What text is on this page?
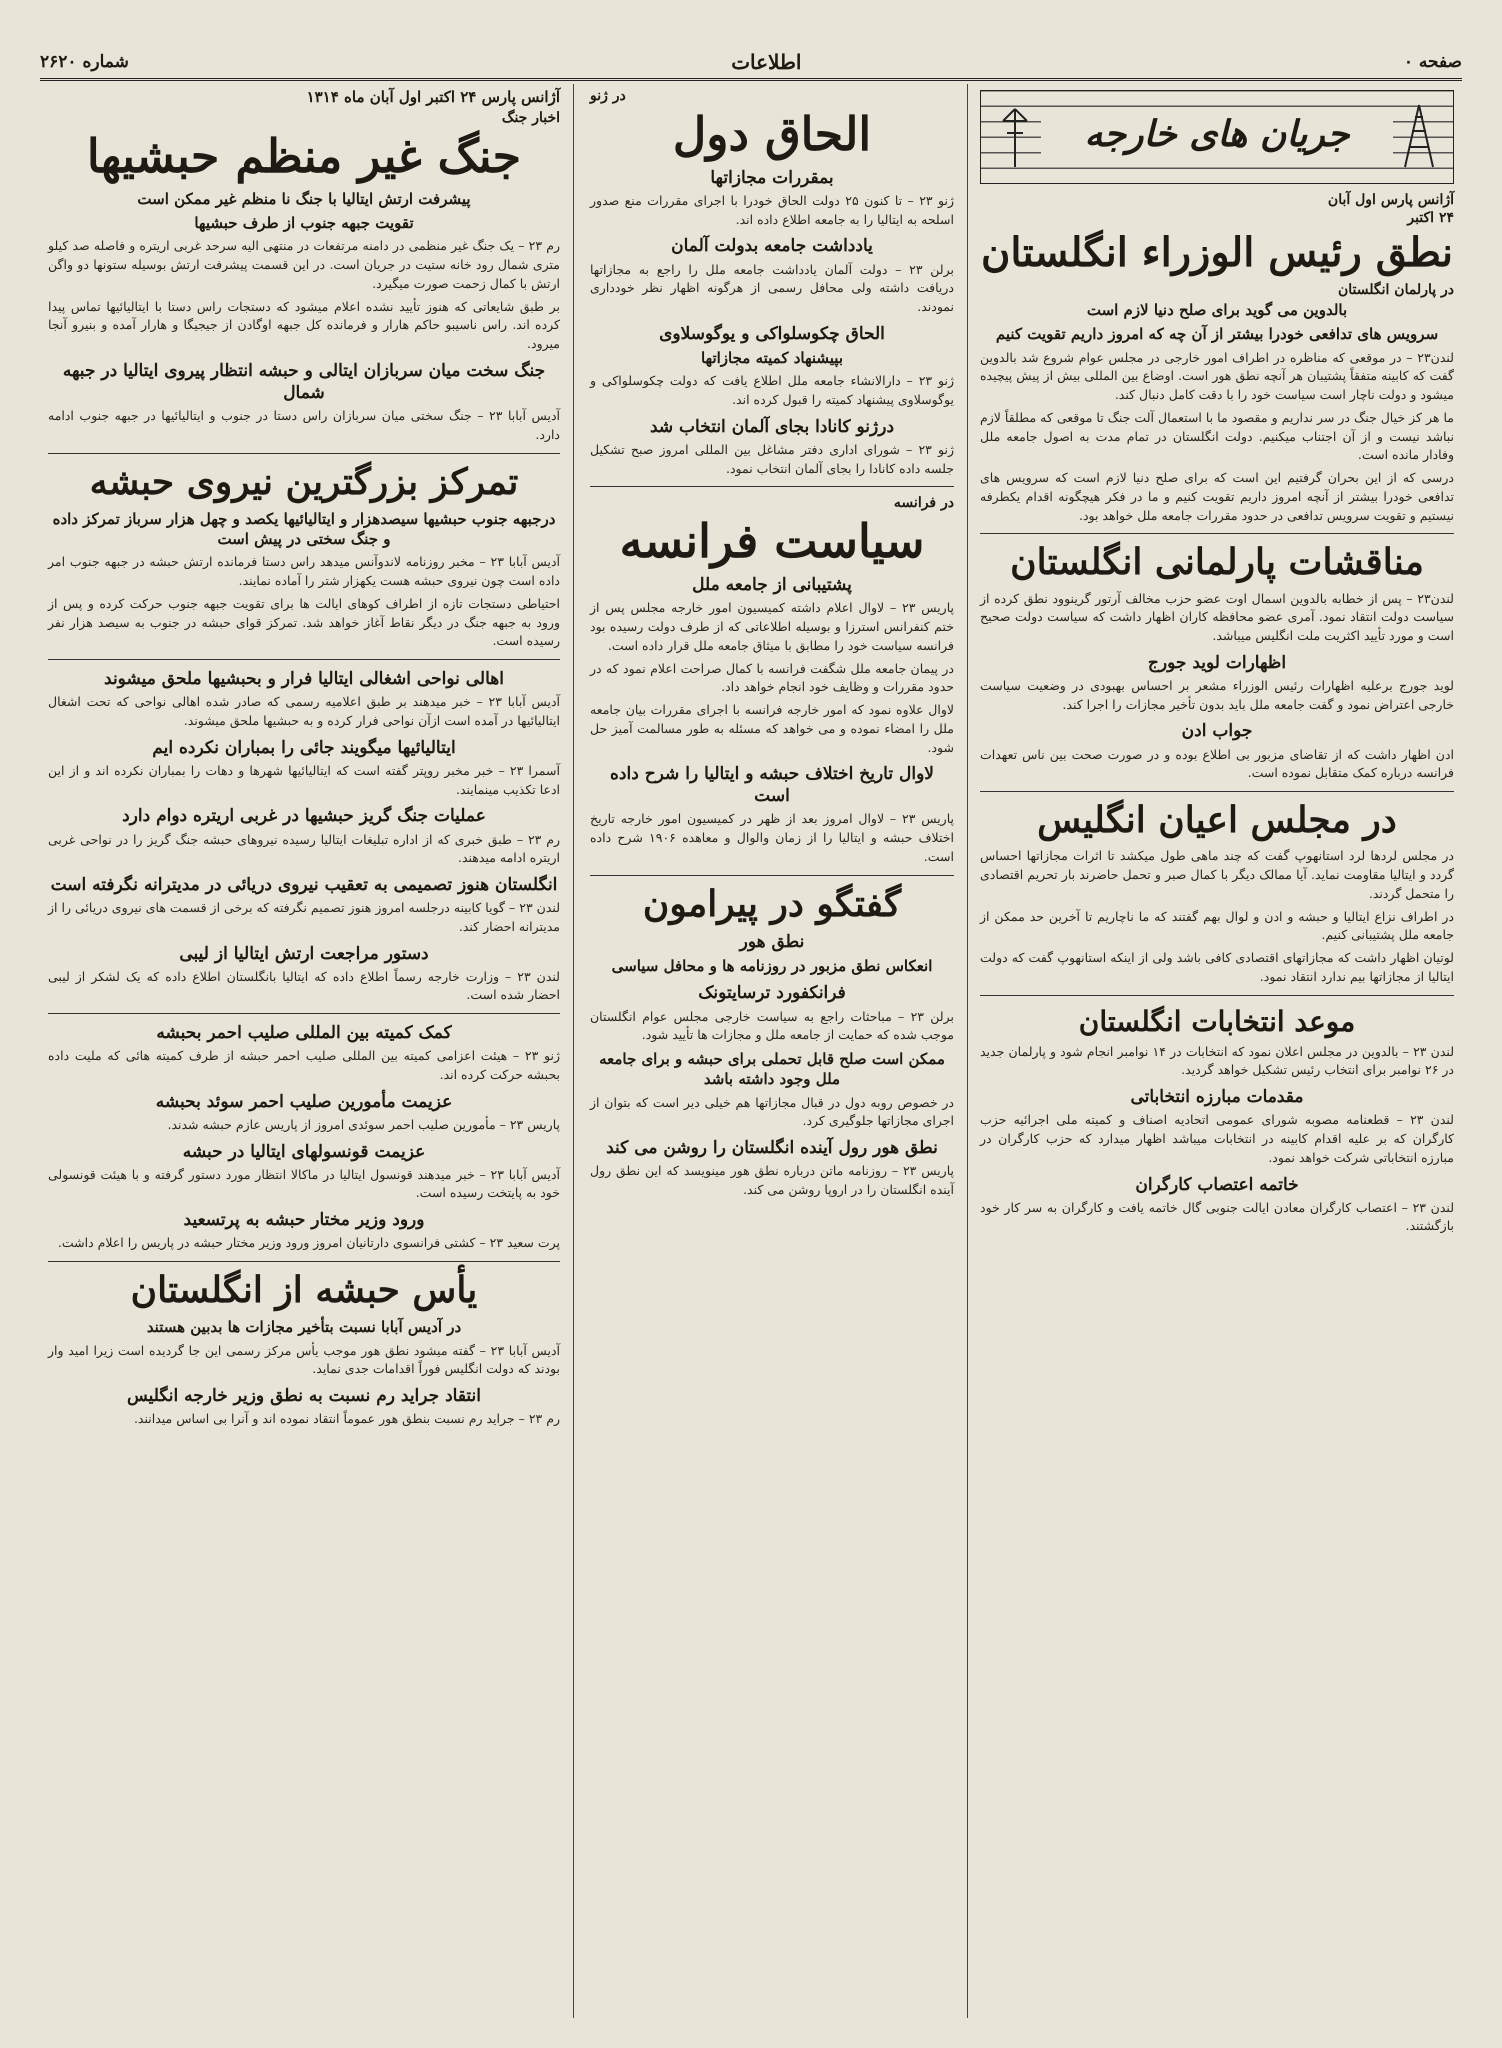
صفحه ۰
اطلاعات
شماره ۲۶۲۰
جریان های خارجه
آژانس پارس اول آبان
۲۴ اکتبر
نطق رئیس الوزراء انگلستان
در پارلمان انگلستان
بالدوین می گوید برای صلح دنیا لازم است
سرویس های تدافعی خودرا بیشتر از آن چه که امروز داریم تقویت کنیم

لندن۲۳ – در موقعی که مناظره در اطراف امور خارجی در مجلس عوام شروع شد بالدوین گفت که کابینه متفقاً پشتیبان هر آنچه نطق هور است. اوضاع بین المللی بیش از پیش پیچیده میشود و دولت ناچار است سیاست خود را با دقت کامل دنبال کند.

ما هر کز خیال جنگ در سر نداریم و مقصود ما با استعمال آلت جنگ تا موقعی که مطلقاً لازم نباشد نیست و از آن اجتناب میکنیم. دولت انگلستان در تمام مدت به اصول جامعه ملل وفادار مانده است.

درسی که از این بحران گرفتیم این است که برای صلح دنیا لازم است که سرویس های تدافعی خودرا بیشتر از آنچه امروز داریم تقویت کنیم و ما در فکر هیچگونه اقدام یکطرفه نیستیم و تقویت سرویس تدافعی در حدود مقررات جامعه ملل خواهد بود.

مناقشات پارلمانی انگلستان

لندن۲۳ – پس از خطابه بالدوین اسمال اوت عضو حزب مخالف آرتور گرینوود نطق کرده از سیاست دولت انتقاد نمود. آمری عضو محافظه کاران اظهار داشت که سیاست دولت صحیح است و مورد تأیید اکثریت ملت انگلیس میباشد.

اظهارات لوید جورج

لوید جورج برعلیه اظهارات رئیس الوزراء مشعر بر احساس بهبودی در وضعیت سیاست خارجی اعتراض نمود و گفت جامعه ملل باید بدون تأخیر مجازات را اجرا کند.

جواب ادن

ادن اظهار داشت که از تقاضای مزبور بی اطلاع بوده و در صورت صحت بین ناس تعهدات فرانسه درباره کمک متقابل نموده است.

در مجلس اعیان انگلیس

در مجلس لردها لرد استانهوپ گفت که چند ماهی طول میکشد تا اثرات مجازاتها احساس گردد و ایتالیا مقاومت نماید. آیا ممالک دیگر با کمال صبر و تحمل حاضرند بار تحریم اقتصادی را متحمل گردند.

در اطراف نزاع ایتالیا و حبشه و ادن و لوال بهم گفتند که ما ناچاریم تا آخرین حد ممکن از جامعه ملل پشتیبانی کنیم.

لوتیان اظهار داشت که مجازاتهای اقتصادی کافی باشد ولی از اینکه استانهوپ گفت که دولت ایتالیا از مجازاتها بیم ندارد انتقاد نمود.

موعد انتخابات انگلستان

لندن ۲۳ – بالدوین در مجلس اعلان نمود که انتخابات در ۱۴ نوامبر انجام شود و پارلمان جدید در ۲۶ نوامبر برای انتخاب رئیس تشکیل خواهد گردید.

مقدمات مبارزه انتخاباتی

لندن ۲۳ – قطعنامه مصوبه شورای عمومی اتحادیه اصناف و کمیته ملی اجرائیه حزب کارگران که بر علیه اقدام کابینه در انتخابات میباشد اظهار میدارد که حزب کارگران در مبارزه انتخاباتی شرکت خواهد نمود.

خاتمه اعتصاب کارگران

لندن ۲۳ – اعتصاب کارگران معادن ایالت جنوبی گال خاتمه یافت و کارگران به سر کار خود بازگشتند.

در ژنو
الحاق دول
بمقررات مجازاتها

ژنو ۲۳ – تا کنون ۲۵ دولت الحاق خودرا با اجرای مقررات منع صدور اسلحه به ایتالیا را به جامعه اطلاع داده اند.

یادداشت جامعه بدولت آلمان

برلن ۲۳ – دولت آلمان یادداشت جامعه ملل را راجع به مجازاتها دریافت داشته ولی محافل رسمی از هرگونه اظهار نظر خودداری نمودند.

الحاق چکوسلواکی و یوگوسلاوی
بپیشنهاد کمیته مجازاتها

ژنو ۲۳ – دارالانشاء جامعه ملل اطلاع یافت که دولت چکوسلواکی و یوگوسلاوی پیشنهاد کمیته را قبول کرده اند.

درژنو کانادا بجای آلمان انتخاب شد

ژنو ۲۳ – شورای اداری دفتر مشاغل بین المللی امروز صبح تشکیل جلسه داده کانادا را بجای آلمان انتخاب نمود.

در فرانسه
سیاست فرانسه
پشتیبانی از جامعه ملل

پاریس ۲۳ – لاوال اعلام داشته کمیسیون امور خارجه مجلس پس از ختم کنفرانس استرزا و بوسیله اطلاعاتی که از طرف دولت رسیده بود فرانسه سیاست خود را مطابق با میثاق جامعه ملل قرار داده است.

در پیمان جامعه ملل شگفت فرانسه با کمال صراحت اعلام نمود که در حدود مقررات و وظایف خود انجام خواهد داد.

لاوال علاوه نمود که امور خارجه فرانسه با اجرای مقررات بیان جامعه ملل را امضاء نموده و می خواهد که مسئله به طور مسالمت آمیز حل شود.

لاوال تاریخ اختلاف حبشه و ایتالیا را شرح داده است

پاریس ۲۳ – لاوال امروز بعد از ظهر در کمیسیون امور خارجه تاریخ اختلاف حبشه و ایتالیا را از زمان والوال و معاهده ۱۹۰۶ شرح داده است.

گفتگو در پیرامون
نطق هور
انعکاس نطق مزبور در روزنامه ها و محافل سیاسی
فرانکفورد ترسایتونک

برلن ۲۳ – مباحثات راجع به سیاست خارجی مجلس عوام انگلستان موجب شده که حمایت از جامعه ملل و مجازات ها تأیید شود.

ممکن است صلح قابل تحملی برای حبشه و برای جامعه ملل وجود داشته باشد

در خصوص روبه دول در قبال مجازاتها هم خیلی دیر است که بتوان از اجرای مجازاتها جلوگیری کرد.

نطق هور رول آینده انگلستان را روشن می کند

پاریس ۲۳ – روزنامه ماتن درباره نطق هور مینویسد که این نطق رول آینده انگلستان را در اروپا روشن می کند.

آژانس پارس ۲۴ اکتبر اول آبان ماه ۱۳۱۴
اخبار جنگ
جنگ غیر منظم حبشیها
پیشرفت ارتش ایتالیا با جنگ نا منظم غیر ممکن است
تقویت جبهه جنوب از طرف حبشیها

رم ۲۳ – یک جنگ غیر منظمی در دامنه مرتفعات در منتهی الیه سرحد غربی اریتره و فاصله صد کیلو متری شمال رود خانه ستیت در جریان است. در این قسمت پیشرفت ارتش بوسیله ستونها دو واگن ارتش با کمال زحمت صورت میگیرد.

بر طبق شایعاتی که هنوز تأیید نشده اعلام میشود که دستجات راس دستا با ایتالیائیها تماس پیدا کرده اند. راس ناسیبو حاکم هارار و فرمانده کل جبهه اوگادن از جیجیگا و هارار آمده و بنیرو آنجا میرود.

جنگ سخت میان سربازان ایتالی و حبشه انتظار پیروی ایتالیا در جبهه شمال

آدیس آبابا ۲۳ – جنگ سختی میان سربازان راس دستا در جنوب و ایتالیائیها در جبهه جنوب ادامه دارد.

تمرکز بزرگترین نیروی حبشه
درجبهه جنوب حبشیها سیصدهزار و ایتالیائیها یکصد و چهل هزار سرباز تمرکز داده و جنگ سختی در پیش است

آدیس آبابا ۲۳ – مخبر روزنامه لاندوآنس میدهد راس دستا فرمانده ارتش حبشه در جبهه جنوب امر داده است چون نیروی حبشه هست یکهزار شتر را آماده نمایند.

احتیاطی دستجات تازه از اطراف کوهای ایالت ها برای تقویت جبهه جنوب حرکت کرده و پس از ورود به جبهه جنگ در دیگر نقاط آغاز خواهد شد. تمرکز قوای حبشه در جنوب به سیصد هزار نفر رسیده است.

اهالی نواحی اشغالی ایتالیا فرار و بحبشیها ملحق میشوند

آدیس آبابا ۲۳ – خبر میدهند بر طبق اعلامیه رسمی که صادر شده اهالی نواحی که تحت اشغال ایتالیائیها در آمده است ازآن نواحی فرار کرده و به حبشیها ملحق میشوند.

ایتالیائیها میگویند جائی را بمباران نکرده ایم

آسمرا ۲۳ – خبر مخبر روپتر گفته است که ایتالیائیها شهرها و دهات را بمباران نکرده اند و از این ادعا تکذیب مینمایند.

عملیات جنگ گریز حبشیها در غربی اریتره دوام دارد

رم ۲۳ – طبق خبری که از اداره تبلیغات ایتالیا رسیده نیروهای حبشه جنگ گریز را در نواحی غربی اریتره ادامه میدهند.

انگلستان هنوز تصمیمی به تعقیب نیروی دریائی در مدیترانه نگرفته است

لندن ۲۳ – گویا کابینه درجلسه امروز هنوز تصمیم نگرفته که برخی از قسمت های نیروی دریائی را از مدیترانه احضار کند.

دستور مراجعت ارتش ایتالیا از لیبی

لندن ۲۳ – وزارت خارجه رسماً اطلاع داده که ایتالیا بانگلستان اطلاع داده که یک لشکر از لیبی احضار شده است.

کمک کمیته بین المللی صلیب احمر بحبشه

ژنو ۲۳ – هیئت اعزامی کمیته بین المللی صلیب احمر حبشه از طرف کمیته هائی که ملیت داده بحبشه حرکت کرده اند.

عزیمت مأمورین صلیب احمر سوئد بحبشه

پاریس ۲۳ – مأمورین صلیب احمر سوئدی امروز از پاریس عازم حبشه شدند.

عزیمت قونسولهای ایتالیا در حبشه

آدیس آبابا ۲۳ – خبر میدهند قونسول ایتالیا در ماکالا انتظار مورد دستور گرفته و با هیئت قونسولی خود به پایتخت رسیده است.

ورود وزیر مختار حبشه به پرتسعید

پرت سعید ۲۳ – کشتی فرانسوی دارتانیان امروز ورود وزیر مختار حبشه در پاریس را اعلام داشت.

یأس حبشه از انگلستان
در آدیس آبابا نسبت بتأخیر مجازات ها بدبین هستند

آدیس آبابا ۲۳ – گفته میشود نطق هور موجب یأس مرکز رسمی این جا گردیده است زیرا امید وار بودند که دولت انگلیس فوراً اقدامات جدی نماید.

انتقاد جراید رم نسبت به نطق وزیر خارجه انگلیس

رم ۲۳ – جراید رم نسبت بنطق هور عموماً انتقاد نموده اند و آنرا بی اساس میدانند.
